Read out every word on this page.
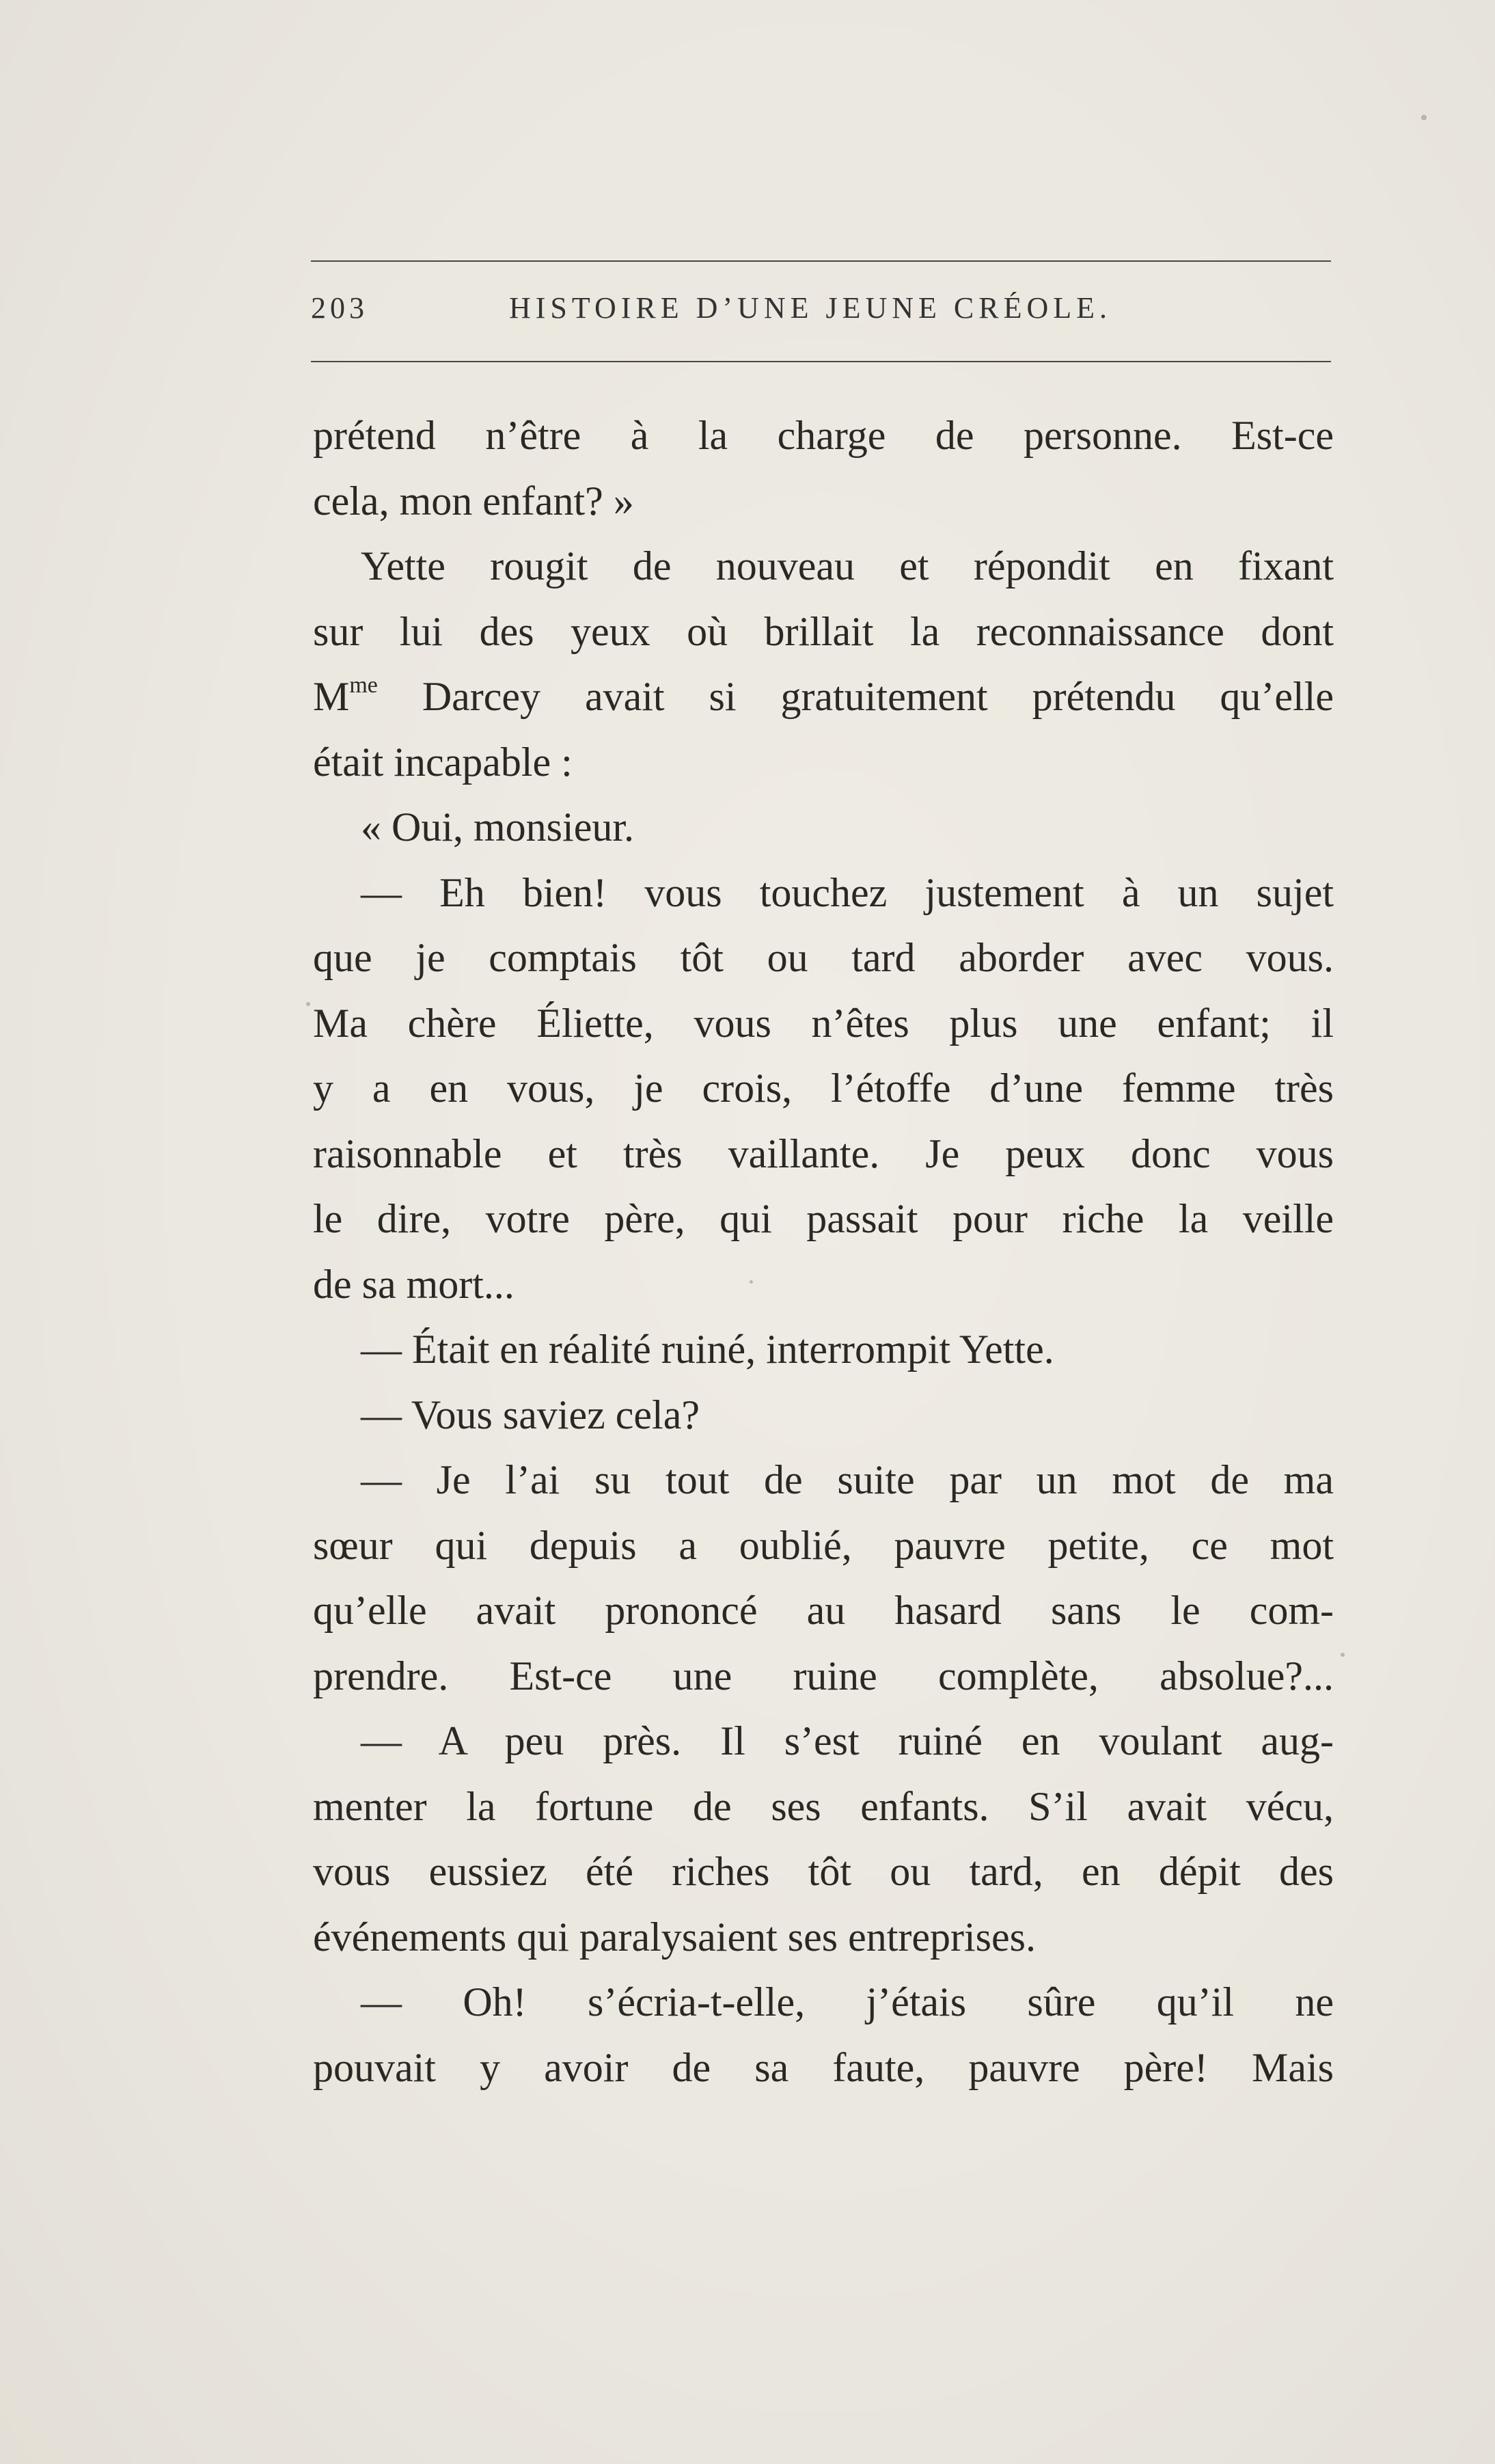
203	HISTOIRE D’UNE JEUNE CRÉOLE.
prétend n’être à la charge de personne. Est-ce
cela, mon enfant? »
Yette rougit de nouveau et répondit en fixant
sur lui des yeux où brillait la reconnaissance dont
$M^{me}$ Darcey avait si gratuitement prétendu qu’elle
était incapable :
« Oui, monsieur.
— Eh bien! vous touchez justement à un sujet
que je comptais tôt ou tard aborder avec vous.
Ma chère Éliette, vous n’êtes plus une enfant; il
y a en vous, je crois, l’étoffe d’une femme très
raisonnable et très vaillante. Je peux donc vous
le dire, votre père, qui passait pour riche la veille
de sa mort...
— Était en réalité ruiné, interrompit Yette.
— Vous saviez cela?
— Je l’ai su tout de suite par un mot de ma
sœur qui depuis a oublié, pauvre petite, ce mot
qu’elle avait prononcé au hasard sans le com-
prendre. Est-ce une ruine complète, absolue?...
— A peu près. Il s’est ruiné en voulant aug-
menter la fortune de ses enfants. S’il avait vécu,
vous eussiez été riches tôt ou tard, en dépit des
événements qui paralysaient ses entreprises.
— Oh! s’écria-t-elle, j’étais sûre qu’il ne
pouvait y avoir de sa faute, pauvre père! Mais
